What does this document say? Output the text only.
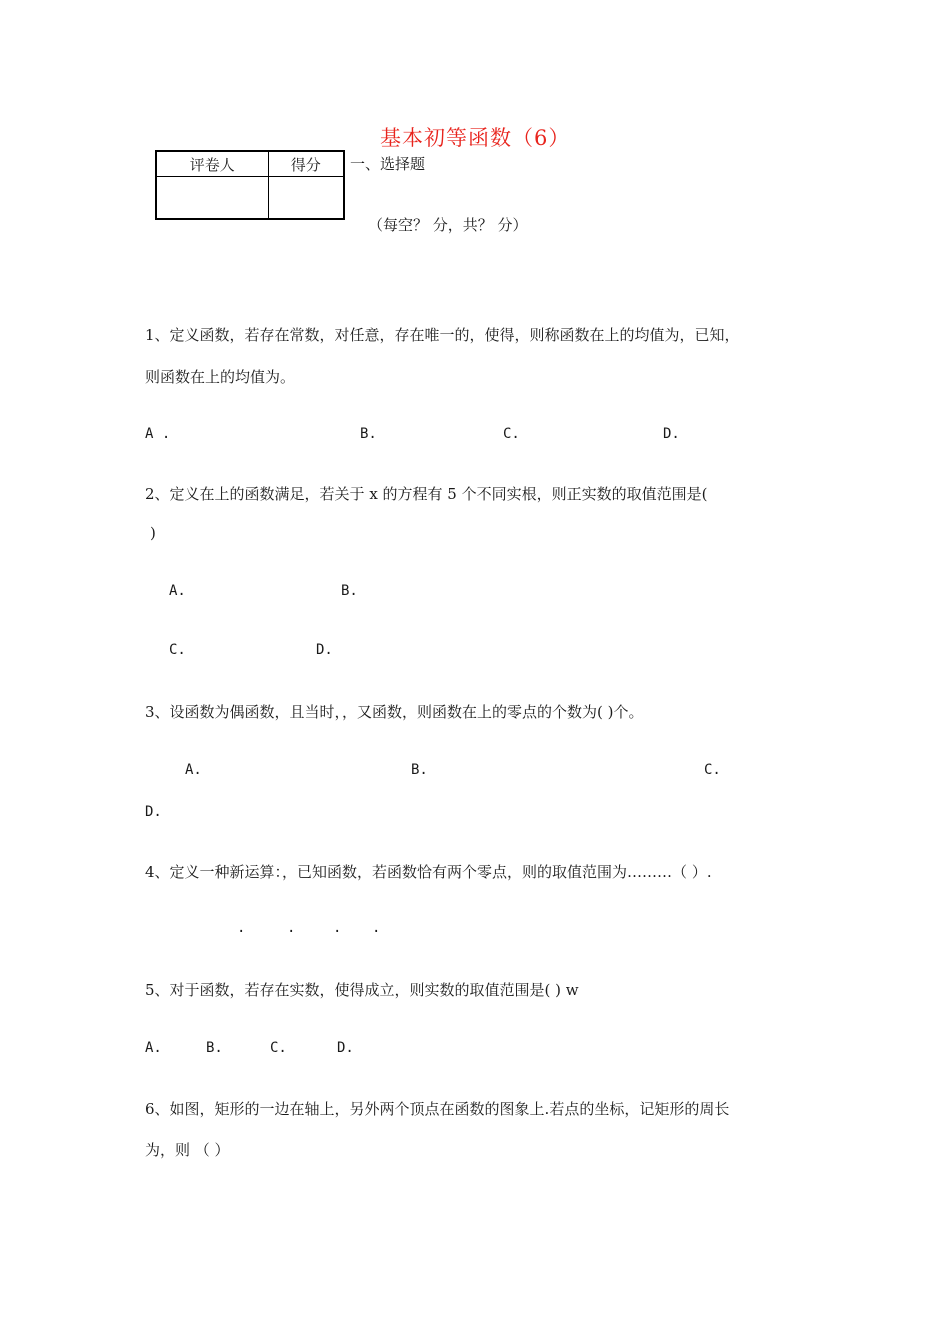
基本初等函数（6）
评卷人	得分
	一、选择题
（每空？ 分，共？ 分）
1、定义函数，若存在常数，对任意，存在唯一的，使得，则称函数在上的均值为，已知，
则函数在上的均值为。
A .	B.	C.	D.
2、定义在上的函数满足，若关于 x 的方程有 5 个不同实根，则正实数的取值范围是(
)
A.	B.
C.	D.
3、设函数为偶函数，且当时，，又函数，则函数在上的零点的个数为( )个。
A.	B.	C.
D.
4、定义一种新运算：，已知函数，若函数恰有两个零点，则的取值范围为………（ ）.
.	.	. .
5、对于函数，若存在实数，使得成立，则实数的取值范围是( ) w
A.	B.	C.	D.
6、如图，矩形的一边在轴上，另外两个顶点在函数的图象上.若点的坐标，记矩形的周长
为，则 （ ）
